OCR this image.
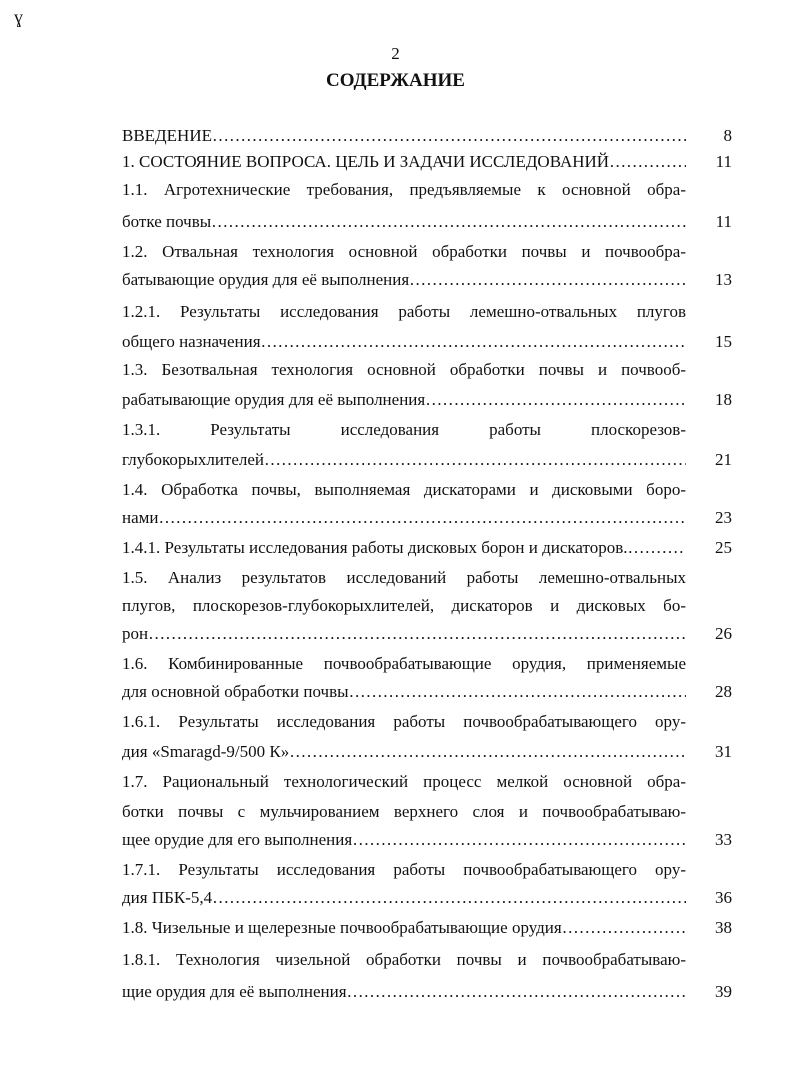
ɣ
2
СОДЕРЖАНИЕ
ВВЕДЕНИЕ ……………………………………………………………………………………………………………………………	8
1. СОСТОЯНИЕ ВОПРОСА. ЦЕЛЬ И ЗАДАЧИ ИССЛЕДОВАНИЙ… ……………………………………………………………………………………………………………………………	11
1.1. Агротехнические требования, предъявляемые к основной обра-
ботке почвы ……………………………………………………………………………………………………………………………	11
1.2. Отвальная технология основной обработки почвы и почвообра-
батывающие орудия для её выполнения ……………………………………………………………………………………………………………………………	13
1.2.1. Результаты исследования работы лемешно-отвальных плугов
общего назначения ……………………………………………………………………………………………………………………………	15
1.3. Безотвальная технология основной обработки почвы и почвооб-
рабатывающие орудия для её выполнения ……………………………………………………………………………………………………………………………	18
1.3.1. Результаты исследования работы плоскорезов-
глубокорыхлителей ……………………………………………………………………………………………………………………………	21
1.4. Обработка почвы, выполняемая дискаторами и дисковыми боро-
нами ……………………………………………………………………………………………………………………………	23
1.4.1. Результаты исследования работы дисковых борон и дискаторов. ……………………………………………………………………………………………………………………………	25
1.5. Анализ результатов исследований работы лемешно-отвальных
плугов, плоскорезов-глубокорыхлителей, дискаторов и дисковых бо-
рон ……………………………………………………………………………………………………………………………	26
1.6. Комбинированные почвообрабатывающие орудия, применяемые
для основной обработки почвы ……………………………………………………………………………………………………………………………	28
1.6.1. Результаты исследования работы почвообрабатывающего ору-
дия «Smaragd-9/500 К» ……………………………………………………………………………………………………………………………	31
1.7. Рациональный технологический процесс мелкой основной обра-
ботки почвы с мульчированием верхнего слоя и почвообрабатываю-
щее орудие для его выполнения ……………………………………………………………………………………………………………………………	33
1.7.1. Результаты исследования работы почвообрабатывающего ору-
дия ПБК-5,4 ……………………………………………………………………………………………………………………………	36
1.8. Чизельные и щелерезные почвообрабатывающие орудия ……………………………………………………………………………………………………………………………	38
1.8.1. Технология чизельной обработки почвы и почвообрабатываю-
щие орудия для её выполнения ……………………………………………………………………………………………………………………………	39
